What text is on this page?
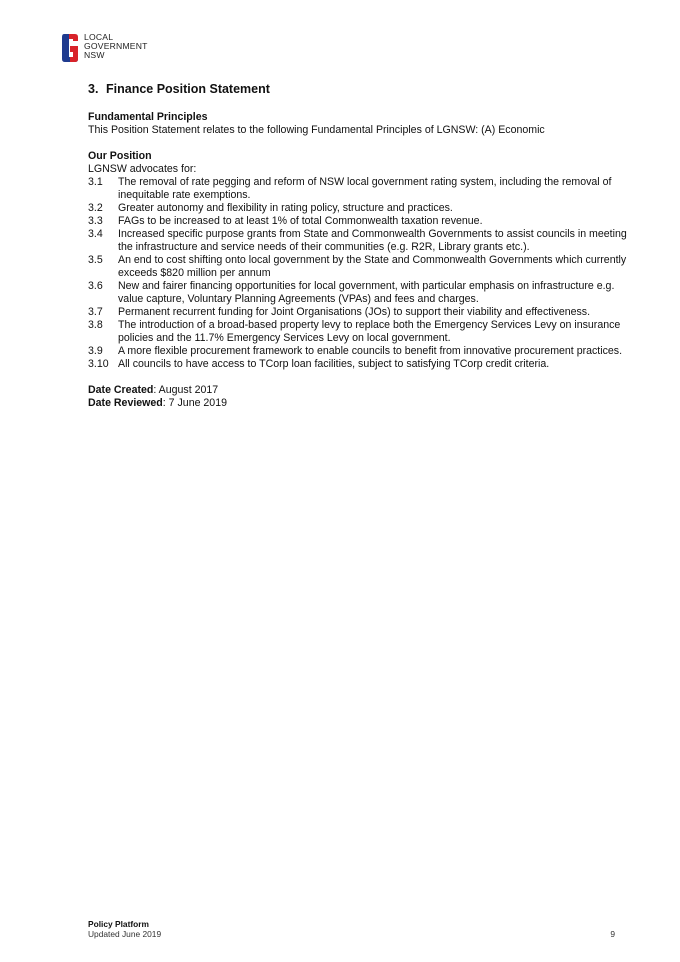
LOCAL
GOVERNMENT
NSW
3. Finance Position Statement
Fundamental Principles
This Position Statement relates to the following Fundamental Principles of LGNSW: (A) Economic
Our Position
LGNSW advocates for:
3.1	The removal of rate pegging and reform of NSW local government rating system, including the removal of inequitable rate exemptions.
3.2	Greater autonomy and flexibility in rating policy, structure and practices.
3.3	FAGs to be increased to at least 1% of total Commonwealth taxation revenue.
3.4	Increased specific purpose grants from State and Commonwealth Governments to assist councils in meeting the infrastructure and service needs of their communities (e.g. R2R, Library grants etc.).
3.5	An end to cost shifting onto local government by the State and Commonwealth Governments which currently exceeds $820 million per annum
3.6	New and fairer financing opportunities for local government, with particular emphasis on infrastructure e.g. value capture, Voluntary Planning Agreements (VPAs) and fees and charges.
3.7	Permanent recurrent funding for Joint Organisations (JOs) to support their viability and effectiveness.
3.8	The introduction of a broad-based property levy to replace both the Emergency Services Levy on insurance policies and the 11.7% Emergency Services Levy on local government.
3.9	A more flexible procurement framework to enable councils to benefit from innovative procurement practices.
3.10 All councils to have access to TCorp loan facilities, subject to satisfying TCorp credit criteria.
Date Created: August 2017
Date Reviewed: 7 June 2019
Policy Platform
Updated June 2019	9
